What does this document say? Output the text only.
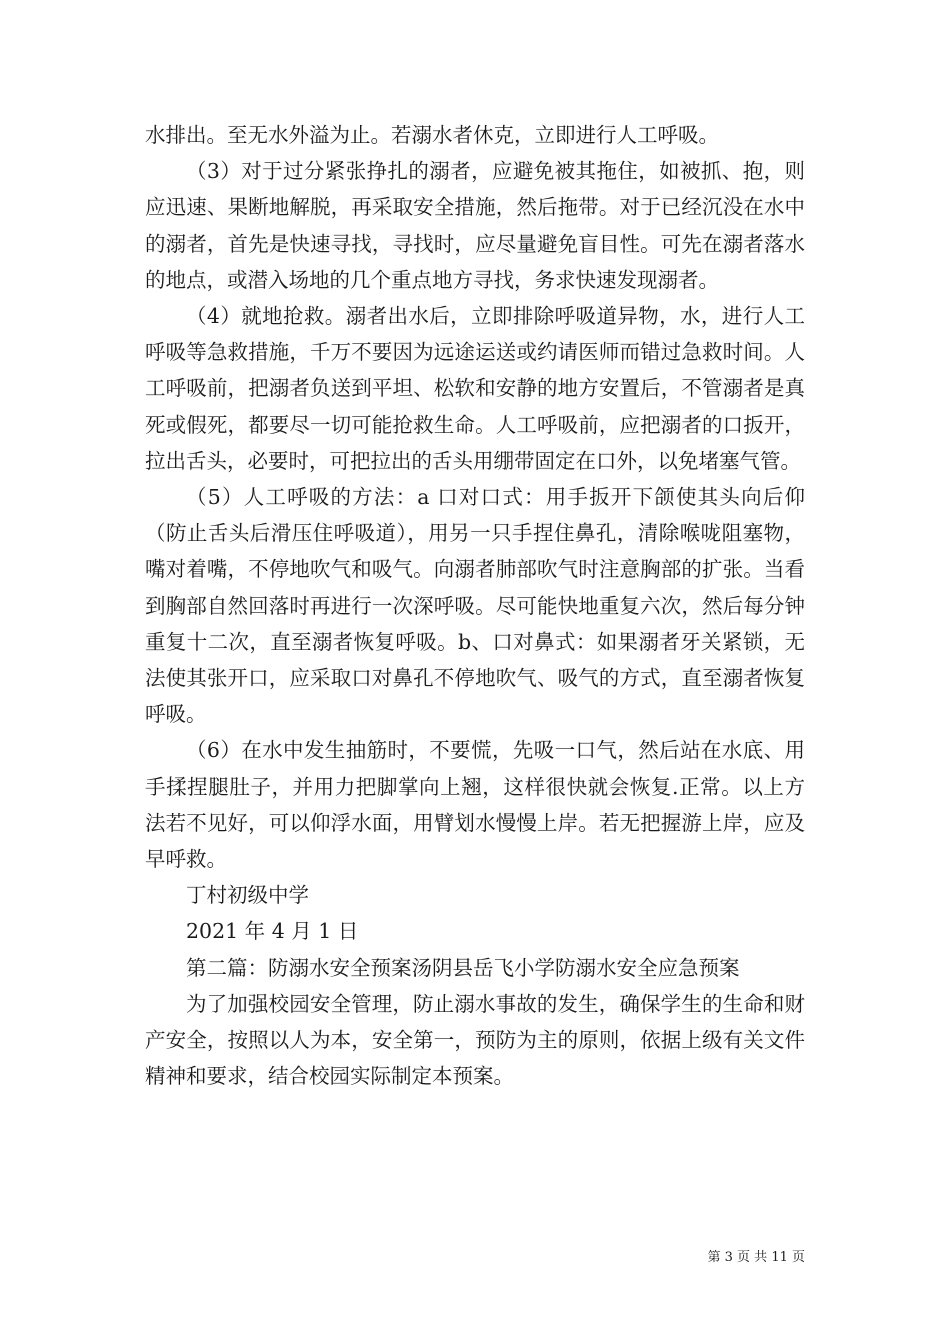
水排出。至无水外溢为止。若溺水者休克，立即进行人工呼吸。

（3）对于过分紧张挣扎的溺者，应避免被其拖住，如被抓、抱，则应迅速、果断地解脱，再采取安全措施，然后拖带。对于已经沉没在水中的溺者，首先是快速寻找，寻找时，应尽量避免盲目性。可先在溺者落水的地点，或潜入场地的几个重点地方寻找，务求快速发现溺者。

（4）就地抢救。溺者出水后，立即排除呼吸道异物，水，进行人工呼吸等急救措施，千万不要因为远途运送或约请医师而错过急救时间。人工呼吸前，把溺者负送到平坦、松软和安静的地方安置后，不管溺者是真死或假死，都要尽一切可能抢救生命。人工呼吸前，应把溺者的口扳开，拉出舌头，必要时，可把拉出的舌头用绷带固定在口外，以免堵塞气管。

（5）人工呼吸的方法：a 口对口式：用手扳开下颌使其头向后仰（防止舌头后滑压住呼吸道），用另一只手捏住鼻孔，清除喉咙阻塞物，嘴对着嘴，不停地吹气和吸气。向溺者肺部吹气时注意胸部的扩张。当看到胸部自然回落时再进行一次深呼吸。尽可能快地重复六次，然后每分钟重复十二次，直至溺者恢复呼吸。b、口对鼻式：如果溺者牙关紧锁，无法使其张开口，应采取口对鼻孔不停地吹气、吸气的方式，直至溺者恢复呼吸。

（6）在水中发生抽筋时，不要慌，先吸一口气，然后站在水底、用手揉捏腿肚子，并用力把脚掌向上翘，这样很快就会恢复.正常。以上方法若不见好，可以仰浮水面，用臂划水慢慢上岸。若无把握游上岸，应及早呼救。

丁村初级中学

2021 年 4 月 1 日

第二篇：防溺水安全预案汤阴县岳飞小学防溺水安全应急预案

为了加强校园安全管理，防止溺水事故的发生，确保学生的生命和财产安全，按照以人为本，安全第一，预防为主的原则，依据上级有关文件精神和要求，结合校园实际制定本预案。

第 3 页 共 11 页
